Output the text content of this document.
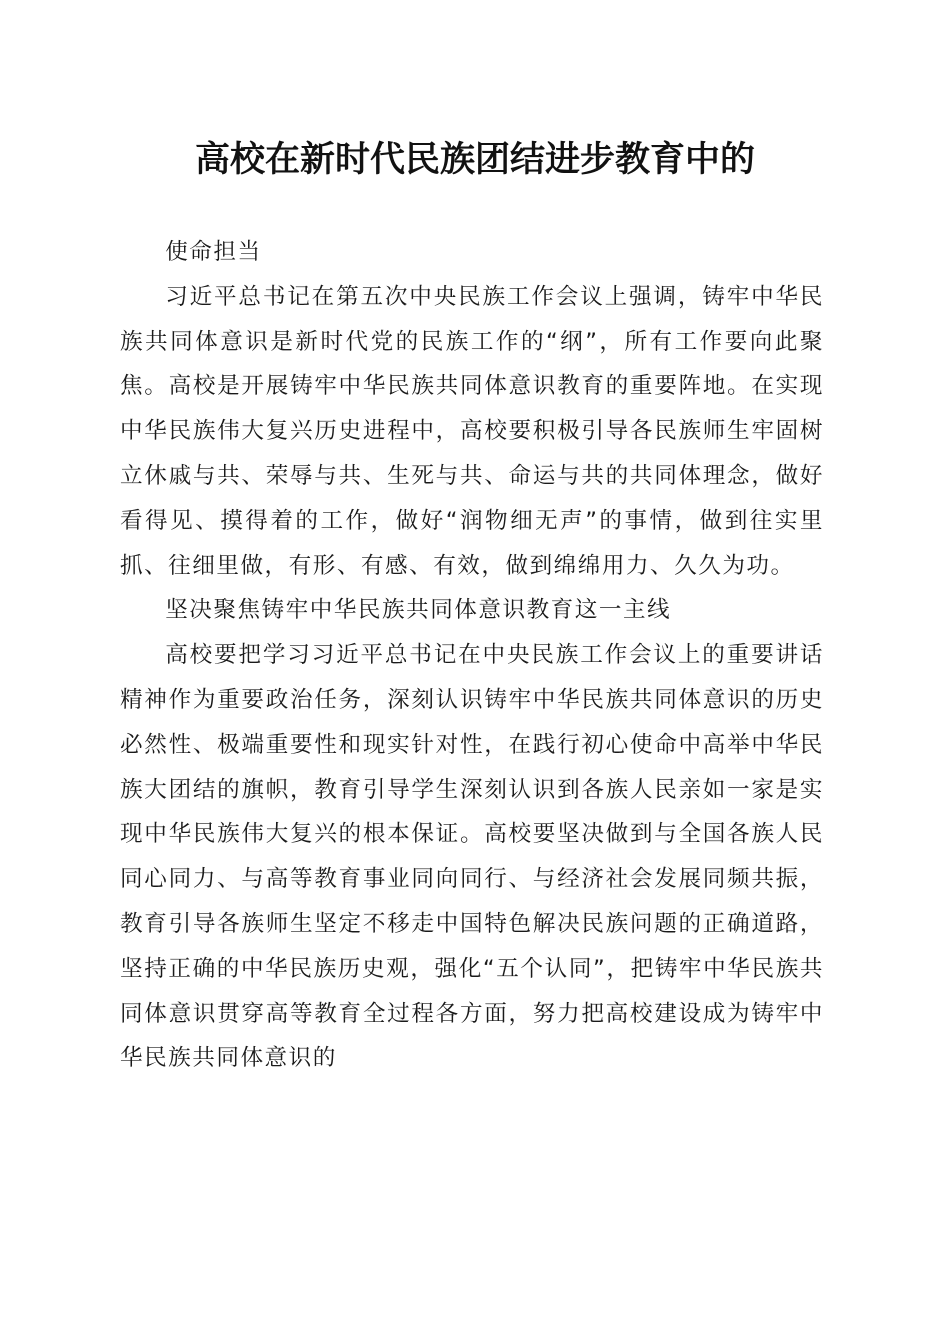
高校在新时代民族团结进步教育中的

使命担当

习近平总书记在第五次中央民族工作会议上强调，铸牢中华民族共同体意识是新时代党的民族工作的“纲”，所有工作要向此聚焦。高校是开展铸牢中华民族共同体意识教育的重要阵地。在实现中华民族伟大复兴历史进程中，高校要积极引导各民族师生牢固树立休戚与共、荣辱与共、生死与共、命运与共的共同体理念，做好看得见、摸得着的工作，做好“润物细无声”的事情，做到往实里抓、往细里做，有形、有感、有效，做到绵绵用力、久久为功。

坚决聚焦铸牢中华民族共同体意识教育这一主线

高校要把学习习近平总书记在中央民族工作会议上的重要讲话精神作为重要政治任务，深刻认识铸牢中华民族共同体意识的历史必然性、极端重要性和现实针对性，在践行初心使命中高举中华民族大团结的旗帜，教育引导学生深刻认识到各族人民亲如一家是实现中华民族伟大复兴的根本保证。高校要坚决做到与全国各族人民同心同力、与高等教育事业同向同行、与经济社会发展同频共振，教育引导各族师生坚定不移走中国特色解决民族问题的正确道路，坚持正确的中华民族历史观，强化“五个认同”，把铸牢中华民族共同体意识贯穿高等教育全过程各方面，努力把高校建设成为铸牢中华民族共同体意识的
